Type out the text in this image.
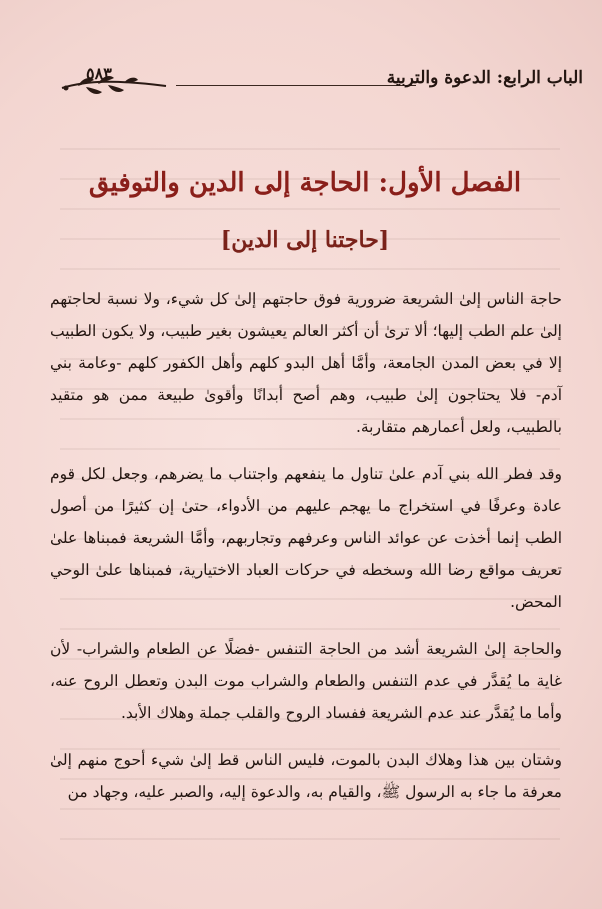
٥٨٣	الباب الرابع: الدعوة والتربية
الفصل الأول: الحاجة إلى الدين والتوفيق
[حاجتنا إلى الدين]

حاجة الناس إلىٰ الشريعة ضرورية فوق حاجتهم إلىٰ كل شيء، ولا نسبة لحاجتهم إلىٰ علم الطب إليها؛ ألا ترىٰ أن أكثر العالم يعيشون بغير طبيب، ولا يكون الطبيب إلا في بعض المدن الجامعة، وأمَّا أهل البدو كلهم وأهل الكفور كلهم -وعامة بني آدم- فلا يحتاجون إلىٰ طبيب، وهم أصح أبدانًا وأقوىٰ طبيعة ممن هو متقيد بالطبيب، ولعل أعمارهم متقاربة.

وقد فطر الله بني آدم علىٰ تناول ما ينفعهم واجتناب ما يضرهم، وجعل لكل قوم عادة وعرفًا في استخراج ما يهجم عليهم من الأدواء، حتىٰ إن كثيرًا من أصول الطب إنما أخذت عن عوائد الناس وعرفهم وتجاربهم، وأمَّا الشريعة فمبناها علىٰ تعريف مواقع رضا الله وسخطه في حركات العباد الاختيارية، فمبناها علىٰ الوحي المحض.

والحاجة إلىٰ الشريعة أشد من الحاجة التنفس -فضلًا عن الطعام والشراب- لأن غاية ما يُقدَّر في عدم التنفس والطعام والشراب موت البدن وتعطل الروح عنه، وأما ما يُقدَّر عند عدم الشريعة ففساد الروح والقلب جملة وهلاك الأبد.

وشتان بين هذا وهلاك البدن بالموت، فليس الناس قط إلىٰ شيء أحوج منهم إلىٰ معرفة ما جاء به الرسول ﷺ، والقيام به، والدعوة إليه، والصبر عليه، وجهاد من
